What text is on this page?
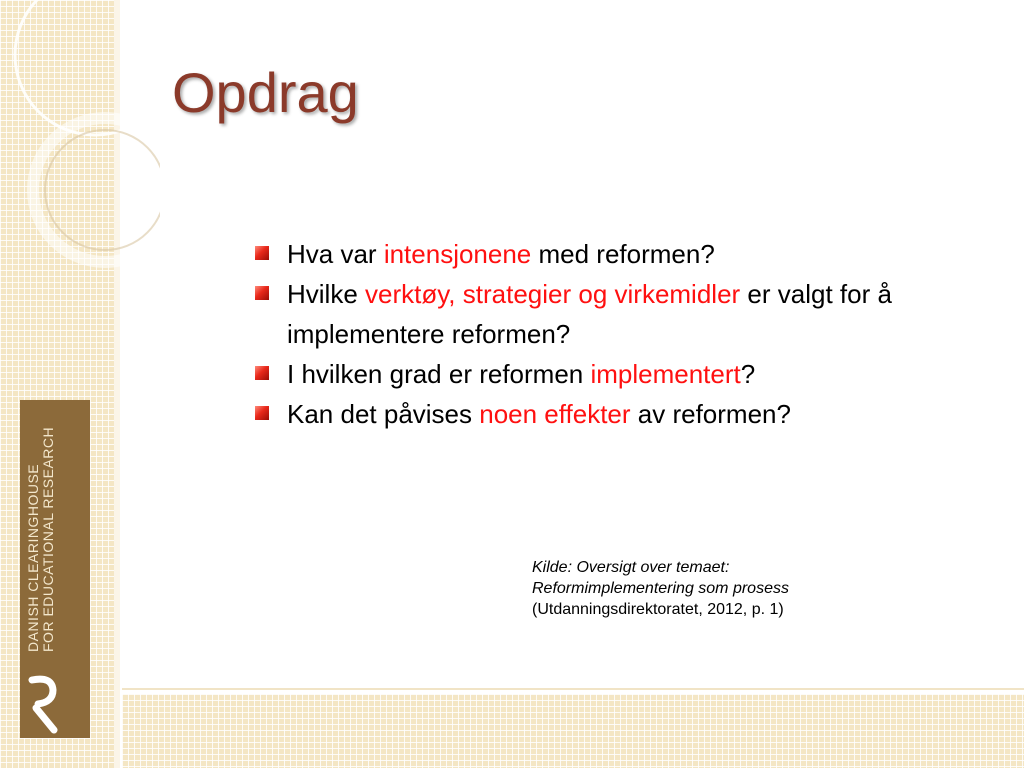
DANISH CLEARINGHOUSE FOR EDUCATIONAL RESEARCH
Opdrag
Hva var intensjonene med reformen?
Hvilke verktøy, strategier og virkemidler er valgt for å implementere reformen?
I hvilken grad er reformen implementert?
Kan det påvises noen effekter av reformen?
Kilde: Oversigt over temaet:
Reformimplementering som prosess
(Utdanningsdirektoratet, 2012, p. 1)
